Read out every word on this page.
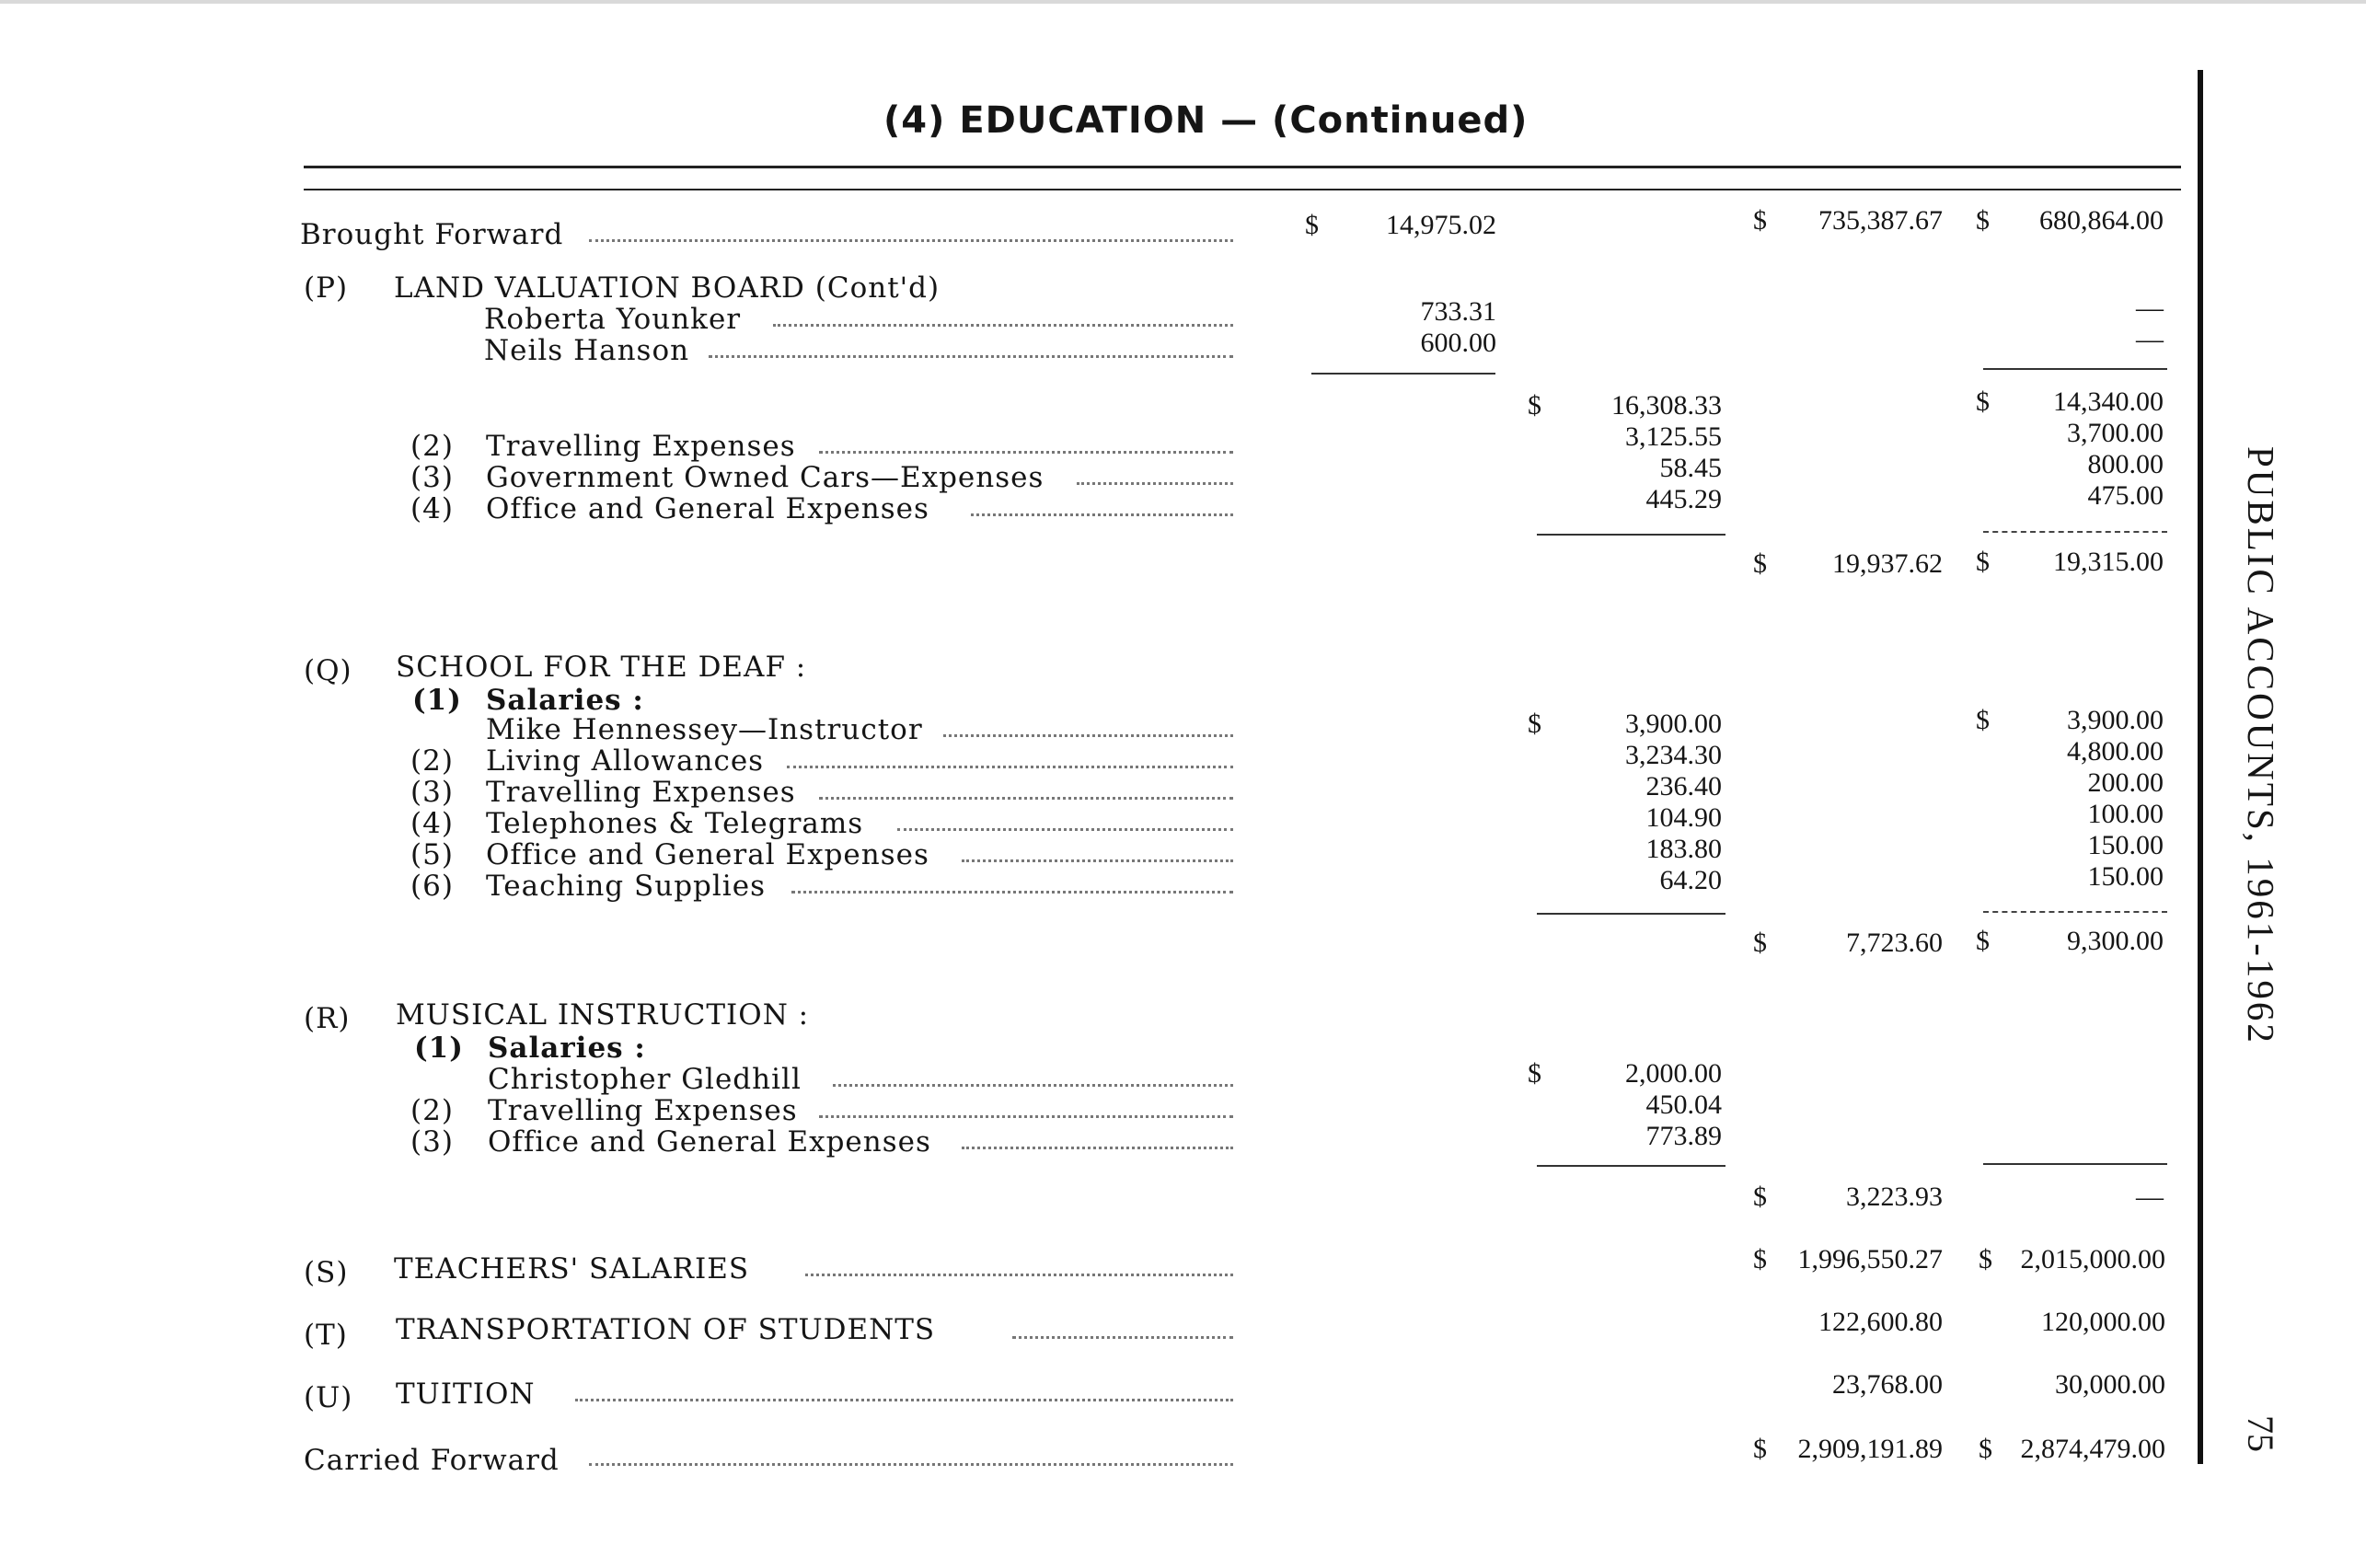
(4) EDUCATION — (Continued)
PUBLIC ACCOUNTS, 1961-1962
75
Brought Forward	$ 14,975.02	$ 735,387.67 $ 680,864.00
(P) LAND VALUATION BOARD (Cont'd)
Roberta Younker	733.31	—
Neils Hanson	600.00	—
$	16,308.33	$ 14,340.00
(2) Travelling Expenses	3,125.55	3,700.00
(3) Government Owned Cars—Expenses	58.45	800.00
(4) Office and General Expenses	445.29	475.00
$ 19,937.62 $ 19,315.00
(Q) SCHOOL FOR THE DEAF :
(1) Salaries :
Mike Hennessey—Instructor	$	3,900.00	$	3,900.00
(2) Living Allowances	3,234.30	4,800.00
(3) Travelling Expenses	236.40	200.00
(4) Telephones & Telegrams	104.90	100.00
(5) Office and General Expenses	183.80	150.00
(6) Teaching Supplies	64.20	150.00
$	7,723.60 $	9,300.00
(R) MUSICAL INSTRUCTION :
(1) Salaries :
Christopher Gledhill	$	2,000.00
(2) Travelling Expenses	450.04
(3) Office and General Expenses	773.89
$	3,223.93	—
(S) TEACHERS' SALARIES	$ 1,996,550.27 $ 2,015,000.00
(T) TRANSPORTATION OF STUDENTS	122,600.80	120,000.00
(U) TUITION	23,768.00	30,000.00
Carried Forward	$ 2,909,191.89 $ 2,874,479.00
